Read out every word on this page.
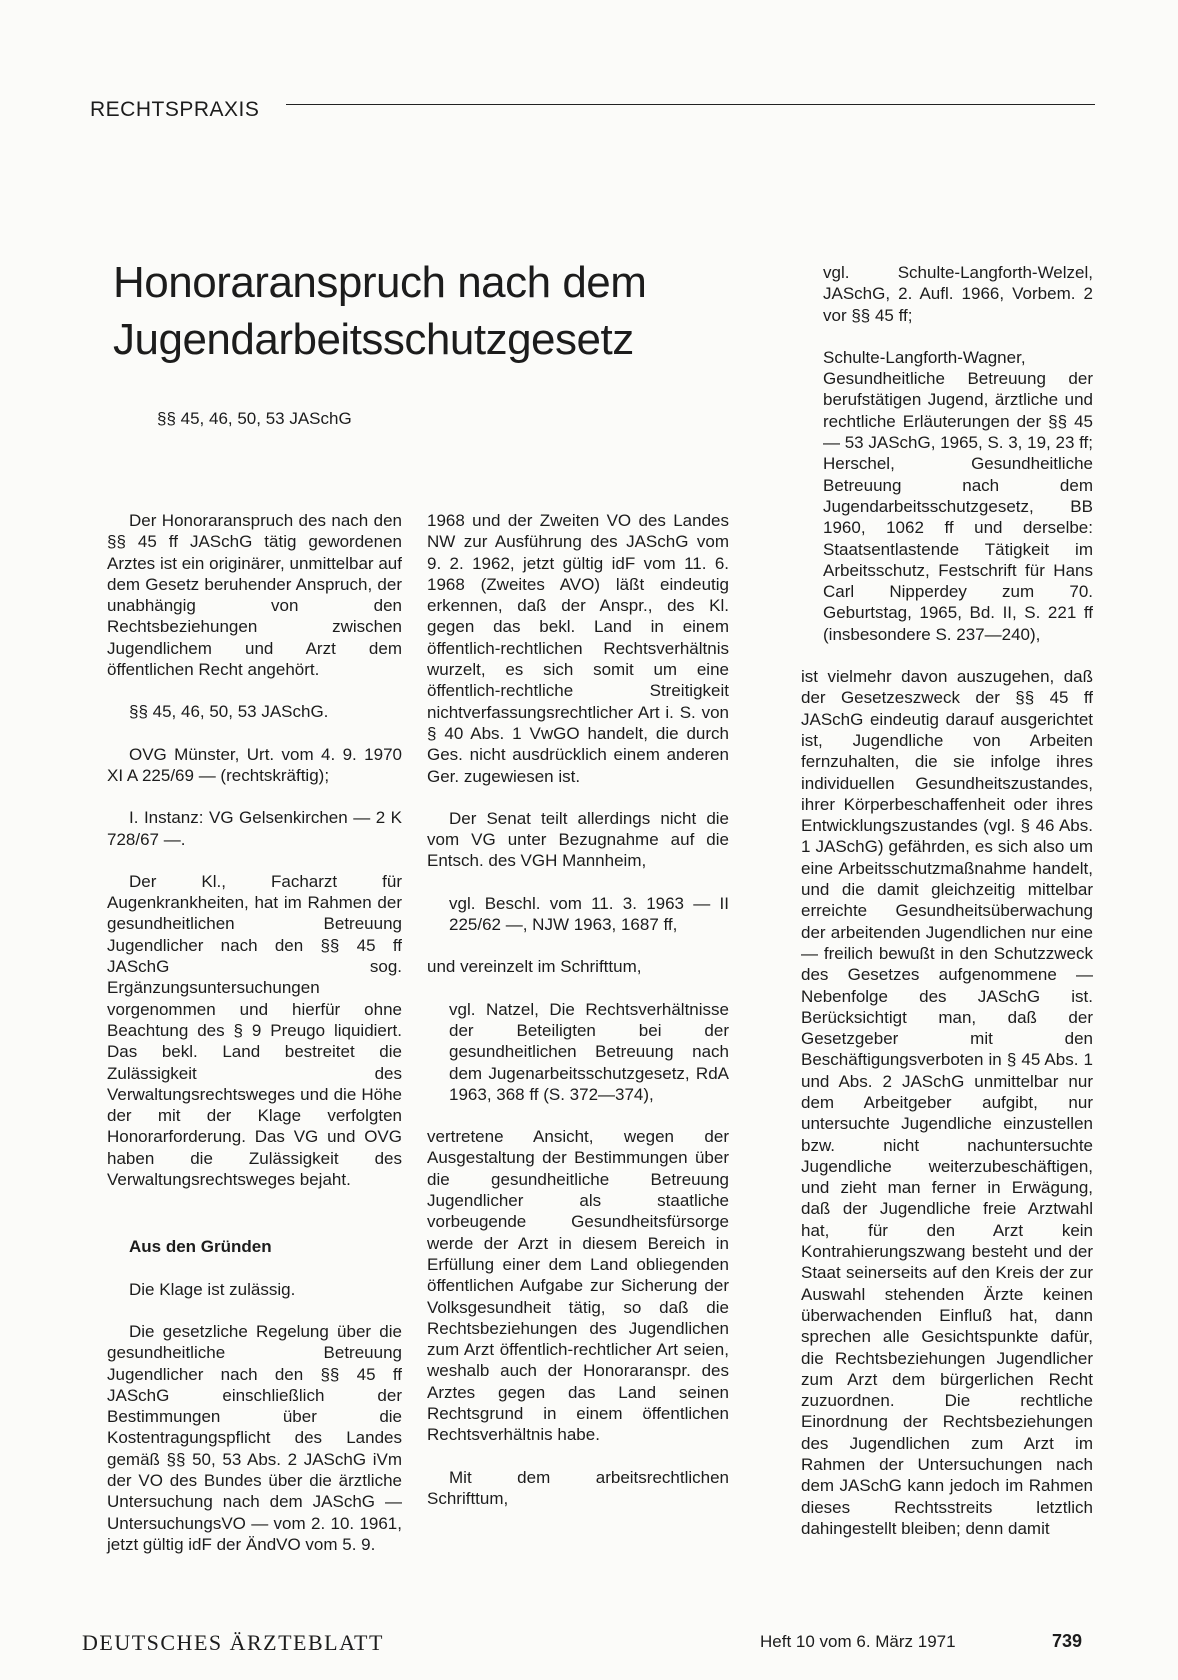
RECHTSPRAXIS
Honoraranspruch nach dem
Jugendarbeitsschutzgesetz
§§ 45, 46, 50, 53 JASchG

Der Honoraranspruch des nach den §§ 45 ff JASchG tätig gewordenen Arztes ist ein originärer, unmittelbar auf dem Gesetz beruhender Anspruch, der unabhängig von den Rechtsbeziehungen zwischen Jugendlichem und Arzt dem öffentlichen Recht angehört.

§§ 45, 46, 50, 53 JASchG.

OVG Münster, Urt. vom 4. 9. 1970 XI A 225/69 — (rechtskräftig);

I. Instanz: VG Gelsenkirchen — 2 K 728/67 —.

Der Kl., Facharzt für Augenkrankheiten, hat im Rahmen der gesundheitlichen Betreuung Jugendlicher nach den §§ 45 ff JASchG sog. Ergänzungsuntersuchungen vorgenommen und hierfür ohne Beachtung des § 9 Preugo liquidiert. Das bekl. Land bestreitet die Zulässigkeit des Verwaltungsrechtsweges und die Höhe der mit der Klage verfolgten Honorarforderung. Das VG und OVG haben die Zulässigkeit des Verwaltungsrechtsweges bejaht.

Aus den Gründen

Die Klage ist zulässig.

Die gesetzliche Regelung über die gesundheitliche Betreuung Jugendlicher nach den §§ 45 ff JASchG einschließlich der Bestimmungen über die Kostentragungspflicht des Landes gemäß §§ 50, 53 Abs. 2 JASchG iVm der VO des Bundes über die ärztliche Untersuchung nach dem JASchG — UntersuchungsVO — vom 2. 10. 1961, jetzt gültig idF der ÄndVO vom 5. 9.

1968 und der Zweiten VO des Landes NW zur Ausführung des JASchG vom 9. 2. 1962, jetzt gültig idF vom 11. 6. 1968 (Zweites AVO) läßt eindeutig erkennen, daß der Anspr., des Kl. gegen das bekl. Land in einem öffentlich-rechtlichen Rechtsverhältnis wurzelt, es sich somit um eine öffentlich-rechtliche Streitigkeit nichtverfassungsrechtlicher Art i. S. von § 40 Abs. 1 VwGO handelt, die durch Ges. nicht ausdrücklich einem anderen Ger. zugewiesen ist.

Der Senat teilt allerdings nicht die vom VG unter Bezugnahme auf die Entsch. des VGH Mannheim,

vgl. Beschl. vom 11. 3. 1963 — II 225/62 —, NJW 1963, 1687 ff,

und vereinzelt im Schrifttum,

vgl. Natzel, Die Rechtsverhältnisse der Beteiligten bei der gesundheitlichen Betreuung nach dem Jugenarbeitsschutzgesetz, RdA 1963, 368 ff (S. 372—374),

vertretene Ansicht, wegen der Ausgestaltung der Bestimmungen über die gesundheitliche Betreuung Jugendlicher als staatliche vorbeugende Gesundheitsfürsorge werde der Arzt in diesem Bereich in Erfüllung einer dem Land obliegenden öffentlichen Aufgabe zur Sicherung der Volksgesundheit tätig, so daß die Rechtsbeziehungen des Jugendlichen zum Arzt öffentlich-rechtlicher Art seien, weshalb auch der Honoraranspr. des Arztes gegen das Land seinen Rechtsgrund in einem öffentlichen Rechtsverhältnis habe.

Mit dem arbeitsrechtlichen Schrifttum,

vgl. Schulte-Langforth-Welzel, JASchG, 2. Aufl. 1966, Vorbem. 2 vor §§ 45 ff;

Schulte-Langforth-Wagner, Gesundheitliche Betreuung der berufstätigen Jugend, ärztliche und rechtliche Erläuterungen der §§ 45 — 53 JASchG, 1965, S. 3, 19, 23 ff; Herschel, Gesundheitliche Betreuung nach dem Jugendarbeitsschutzgesetz, BB 1960, 1062 ff und derselbe: Staatsentlastende Tätigkeit im Arbeitsschutz, Festschrift für Hans Carl Nipperdey zum 70. Geburtstag, 1965, Bd. II, S. 221 ff (insbesondere S. 237—240),

ist vielmehr davon auszugehen, daß der Gesetzeszweck der §§ 45 ff JASchG eindeutig darauf ausgerichtet ist, Jugendliche von Arbeiten fernzuhalten, die sie infolge ihres individuellen Gesundheitszustandes, ihrer Körperbeschaffenheit oder ihres Entwicklungszustandes (vgl. § 46 Abs. 1 JASchG) gefährden, es sich also um eine Arbeitsschutzmaßnahme handelt, und die damit gleichzeitig mittelbar erreichte Gesundheitsüberwachung der arbeitenden Jugendlichen nur eine — freilich bewußt in den Schutzzweck des Gesetzes aufgenommene — Nebenfolge des JASchG ist. Berücksichtigt man, daß der Gesetzgeber mit den Beschäftigungsverboten in § 45 Abs. 1 und Abs. 2 JASchG unmittelbar nur dem Arbeitgeber aufgibt, nur untersuchte Jugendliche einzustellen bzw. nicht nachuntersuchte Jugendliche weiterzubeschäftigen, und zieht man ferner in Erwägung, daß der Jugendliche freie Arztwahl hat, für den Arzt kein Kontrahierungszwang besteht und der Staat seinerseits auf den Kreis der zur Auswahl stehenden Ärzte keinen überwachenden Einfluß hat, dann sprechen alle Gesichtspunkte dafür, die Rechtsbeziehungen Jugendlicher zum Arzt dem bürgerlichen Recht zuzuordnen. Die rechtliche Einordnung der Rechtsbeziehungen des Jugendlichen zum Arzt im Rahmen der Untersuchungen nach dem JASchG kann jedoch im Rahmen dieses Rechtsstreits letztlich dahingestellt bleiben; denn damit

DEUTSCHES ÄRZTEBLATT	Heft 10 vom 6. März 1971	739
